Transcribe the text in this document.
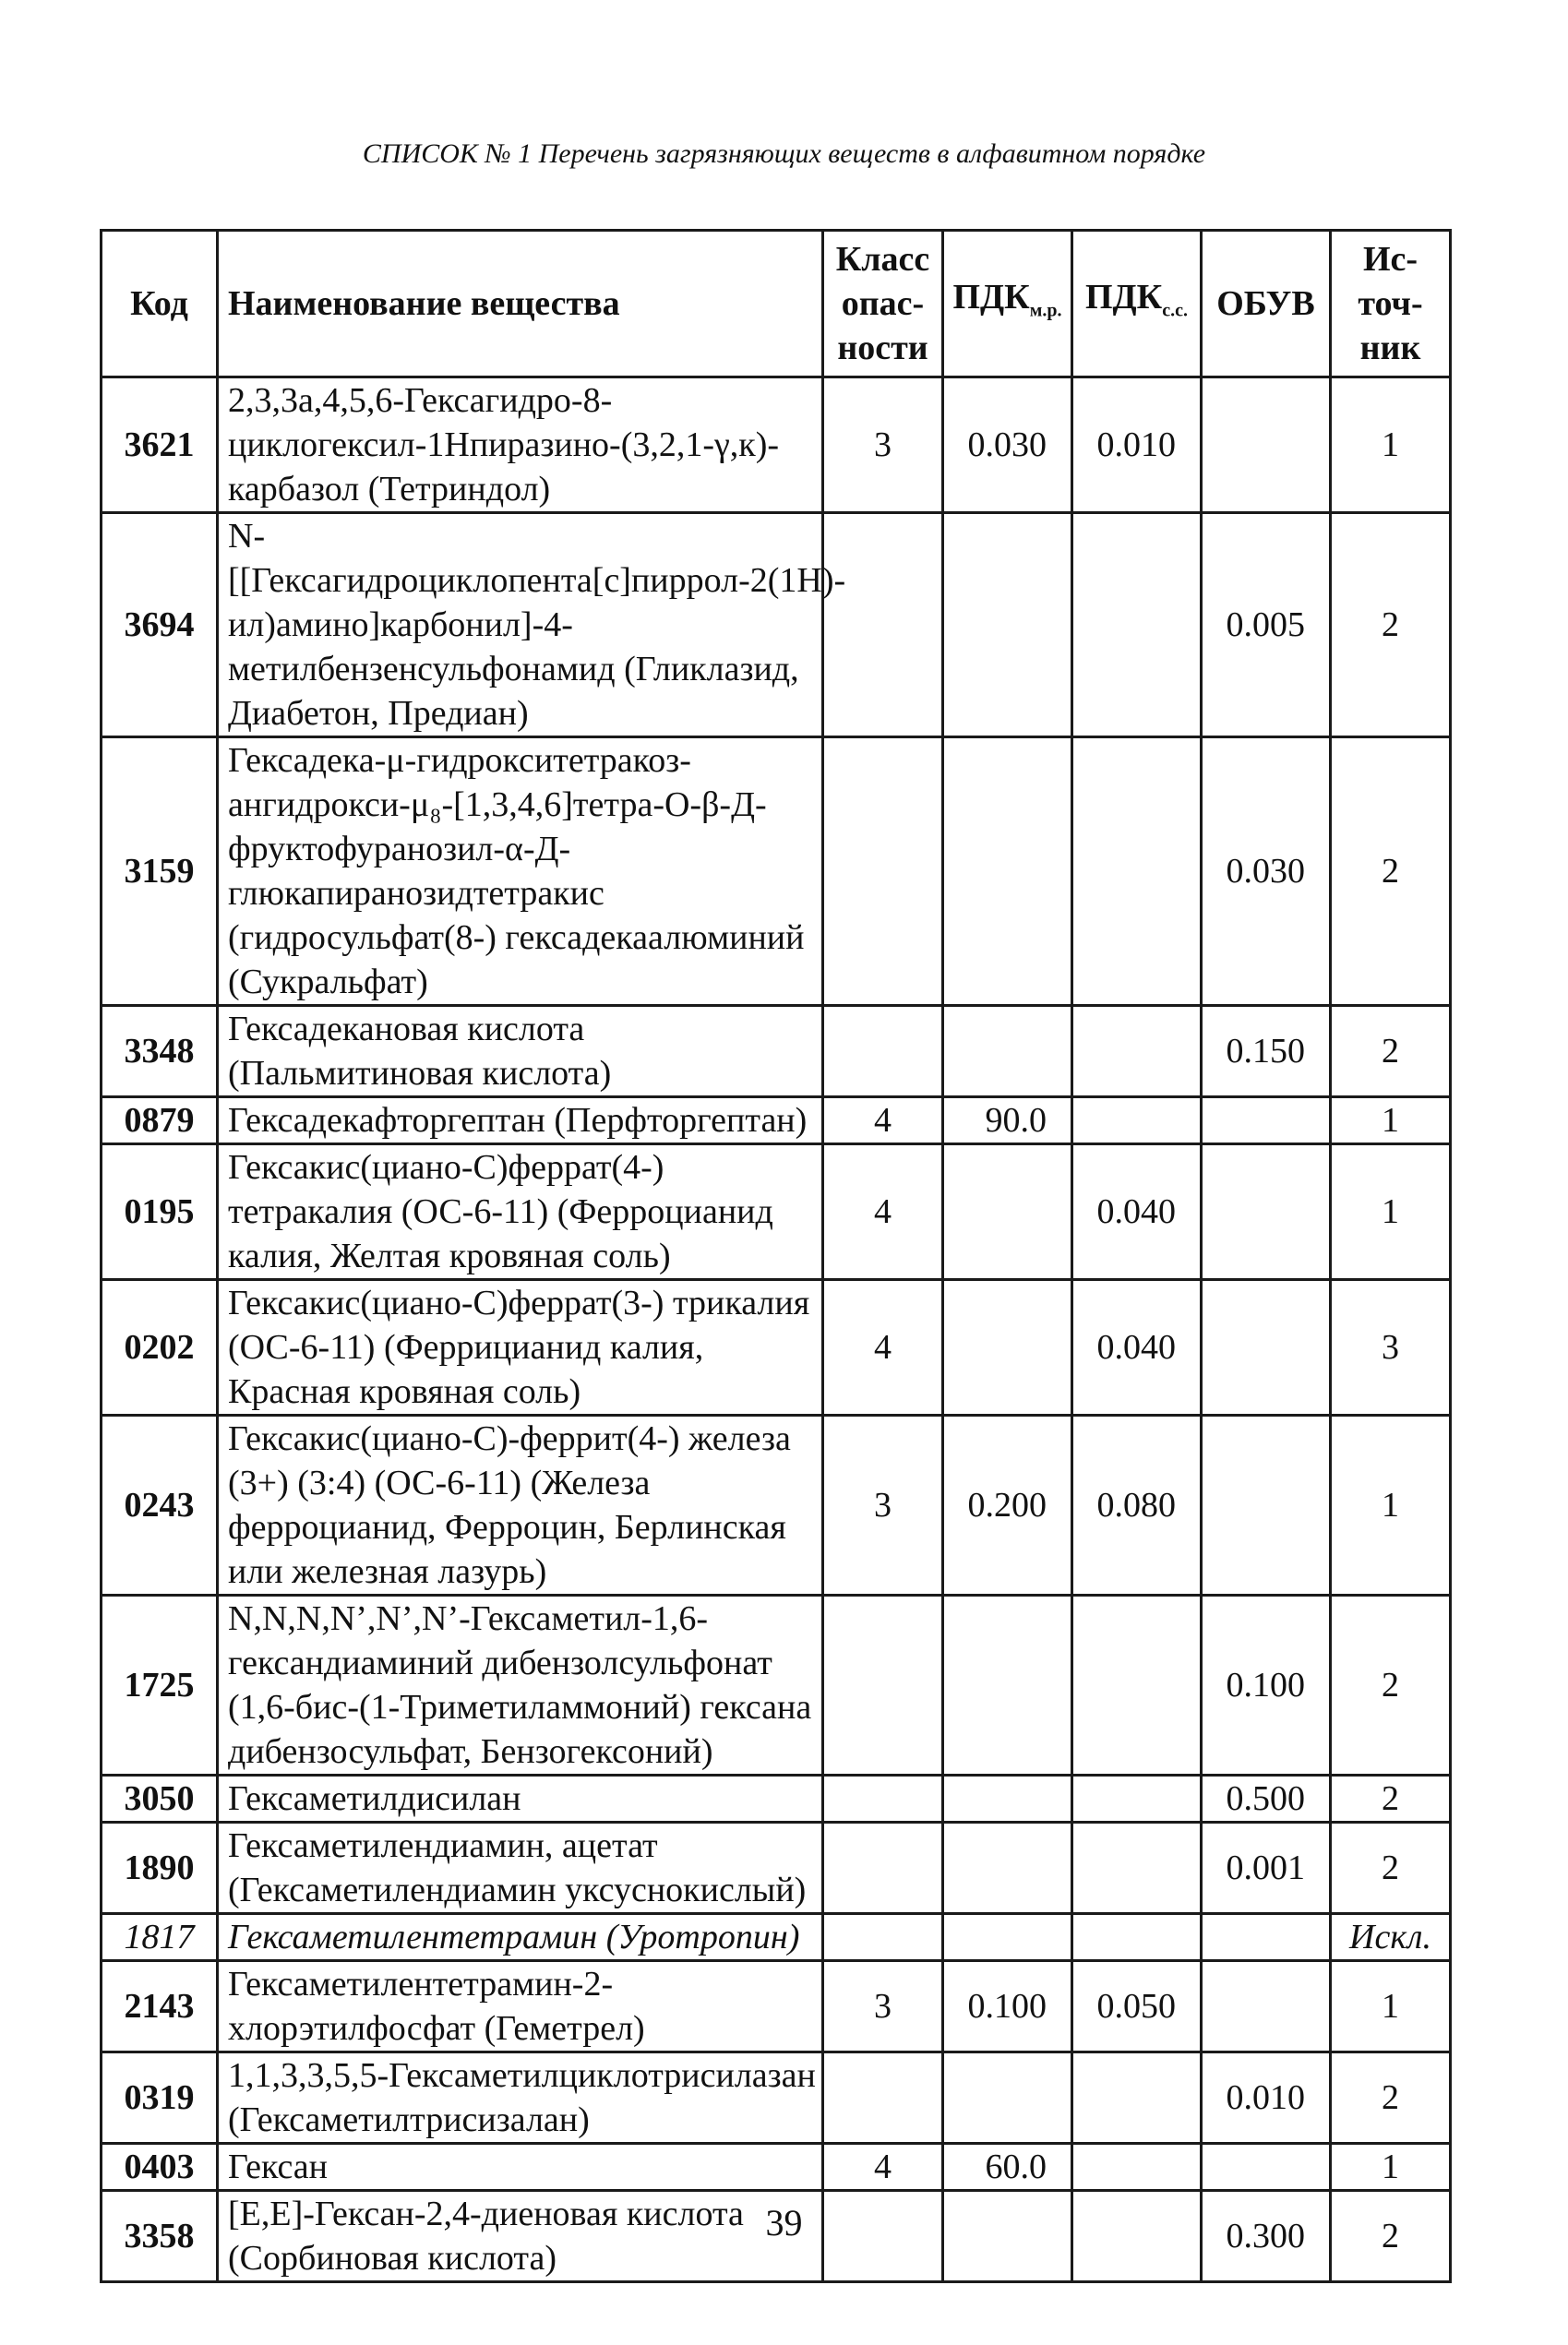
СПИСОК № 1 Перечень загрязняющих веществ в алфавитном порядке
Код	Наименование вещества	Класс опас- ности	$ПДК_{м.р.}$	$ПДК_{с.с.}$	ОБУВ	Ис- точ- ник
3621	2,3,3а,4,5,6-Гексагидро-8-циклогексил-1Нпиразино-(3,2,1-γ,к)-карбазол (Тетриндол)	3	0.030	0.010		1
3694	N-[[Гексагидроциклопента[с]пиррол-2(1Н)-ил)амино]карбонил]-4-метилбензенсульфонамид (Гликлазид, Диабетон, Предиан)				0.005	2
3159	Гексадека-μ-гидрокситетракоз-ангидрокси-μ₈-[1,3,4,6]тетра-О-β-Д-фруктофуранозил-α-Д-глюкапиранозидтетракис (гидросульфат(8-) гексадекаалюминий (Сукральфат)				0.030	2
3348	Гексадекановая кислота (Пальмитиновая кислота)				0.150	2
0879	Гексадекафторгептан (Перфторгептан)	4	90.0			1
0195	Гексакис(циано-С)феррат(4-) тетракалия (ОС-6-11) (Ферроцианид калия, Желтая кровяная соль)	4		0.040		1
0202	Гексакис(циано-С)феррат(3-) трикалия (ОС-6-11) (Феррицианид калия, Красная кровяная соль)	4		0.040		3
0243	Гексакис(циано-С)-феррит(4-) железа (3+) (3:4) (ОС-6-11) (Железа ферроцианид, Ферроцин, Берлинская или железная лазурь)	3	0.200	0.080		1
1725	N,N,N,N’,N’,N’-Гексаметил-1,6-гександиаминий дибензолсульфонат (1,6-бис-(1-Триметиламмоний) гексана дибензосульфат, Бензогексоний)				0.100	2
3050	Гексаметилдисилан				0.500	2
1890	Гексаметилендиамин, ацетат (Гексаметилендиамин уксуснокислый)				0.001	2
1817	Гексаметилентетрамин (Уротропин)					Искл.
2143	Гексаметилентетрамин-2-хлорэтилфосфат (Геметрел)	3	0.100	0.050		1
0319	1,1,3,3,5,5-Гексаметилциклотрисилазан (Гексаметилтрисизалан)				0.010	2
0403	Гексан	4	60.0			1
3358	[Е,Е]-Гексан-2,4-диеновая кислота (Сорбиновая кислота)				0.300	2
39
